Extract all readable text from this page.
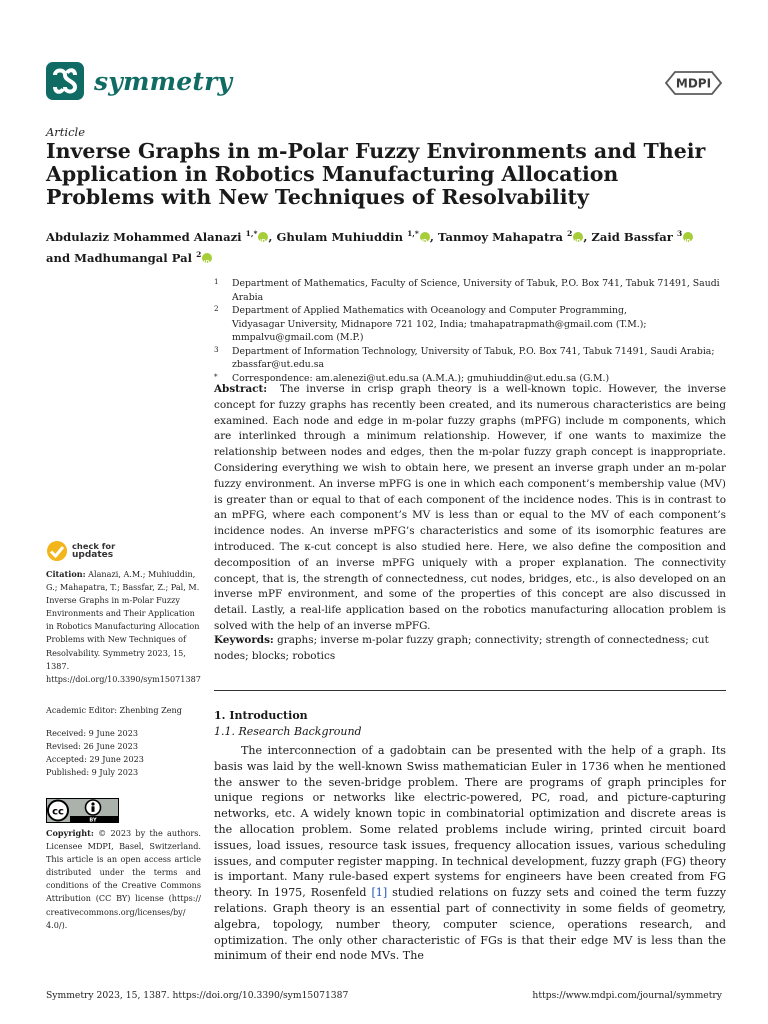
symmetry	MDPI
Article
Inverse Graphs in m-Polar Fuzzy Environments and Their Application in Robotics Manufacturing Allocation Problems with New Techniques of Resolvability
Abdulaziz Mohammed Alanazi $^{1,*}$ iD , Ghulam Muhiuddin $^{1,*}$ iD , Tanmoy Mahapatra $^2$ iD , Zaid Bassfar $^3$iD
and Madhumangal Pal $^2$iD
1	Department of Mathematics, Faculty of Science, University of Tabuk, P.O. Box 741, Tabuk 71491, Saudi Arabia
2	Department of Applied Mathematics with Oceanology and Computer Programming,
Vidyasagar University, Midnapore 721 102, India; tmahapatrapmath@gmail.com (T.M.);
mmpalvu@gmail.com (M.P.)
3	Department of Information Technology, University of Tabuk, P.O. Box 741, Tabuk 71491, Saudi Arabia;
zbassfar@ut.edu.sa
*	Correspondence: am.alenezi@ut.edu.sa (A.M.A.); gmuhiuddin@ut.edu.sa (G.M.)
Abstract: The inverse in crisp graph theory is a well-known topic. However, the inverse concept for fuzzy graphs has recently been created, and its numerous characteristics are being examined. Each node and edge in m-polar fuzzy graphs (mPFG) include m components, which are interlinked through a minimum relationship. However, if one wants to maximize the relationship between nodes and edges, then the m-polar fuzzy graph concept is inappropriate. Considering everything we wish to obtain here, we present an inverse graph under an m-polar fuzzy environment. An inverse mPFG is one in which each component’s membership value (MV) is greater than or equal to that of each component of the incidence nodes. This is in contrast to an mPFG, where each component’s MV is less than or equal to the MV of each component’s incidence nodes. An inverse mPFG’s characteristics and some of its isomorphic features are introduced. The κ-cut concept is also studied here. Here, we also define the composition and decomposition of an inverse mPFG uniquely with a proper explanation. The connectivity concept, that is, the strength of connectedness, cut nodes, bridges, etc., is also developed on an inverse mPF environment, and some of the properties of this concept are also discussed in detail. Lastly, a real-life application based on the robotics manufacturing allocation problem is solved with the help of an inverse mPFG.
Keywords: graphs; inverse m-polar fuzzy graph; connectivity; strength of connectedness; cut nodes; blocks; robotics
check for
updates
Citation: Alanazi, A.M.; Muhiuddin, G.; Mahapatra, T.; Bassfar, Z.; Pal, M. Inverse Graphs in m-Polar Fuzzy Environments and Their Application in Robotics Manufacturing Allocation Problems with New Techniques of Resolvability. Symmetry 2023, 15, 1387. https://doi.org/10.3390/sym15071387
Academic Editor: Zhenbing Zeng
Received: 9 June 2023
Revised: 26 June 2023
Accepted: 29 June 2023
Published: 9 July 2023
cc
BY
Copyright: © 2023 by the authors. Licensee MDPI, Basel, Switzerland. This article is an open access article distributed under the terms and conditions of the Creative Commons Attribution (CC BY) license (https:// creativecommons.org/licenses/by/ 4.0/).
1. Introduction
1.1. Research Background
The interconnection of a gadobtain can be presented with the help of a graph. Its basis was laid by the well-known Swiss mathematician Euler in 1736 when he mentioned the answer to the seven-bridge problem. There are programs of graph principles for unique regions or networks like electric-powered, PC, road, and picture-capturing networks, etc. A widely known topic in combinatorial optimization and discrete areas is the allocation problem. Some related problems include wiring, printed circuit board issues, load issues, resource task issues, frequency allocation issues, various scheduling issues, and computer register mapping. In technical development, fuzzy graph (FG) theory is important. Many rule-based expert systems for engineers have been created from FG theory. In 1975, Rosenfeld [1] studied relations on fuzzy sets and coined the term fuzzy relations. Graph theory is an essential part of connectivity in some fields of geometry, algebra, topology, number theory, computer science, operations research, and optimization. The only other characteristic of FGs is that their edge MV is less than the minimum of their end node MVs. The
Symmetry 2023, 15, 1387. https://doi.org/10.3390/sym15071387	https://www.mdpi.com/journal/symmetry
